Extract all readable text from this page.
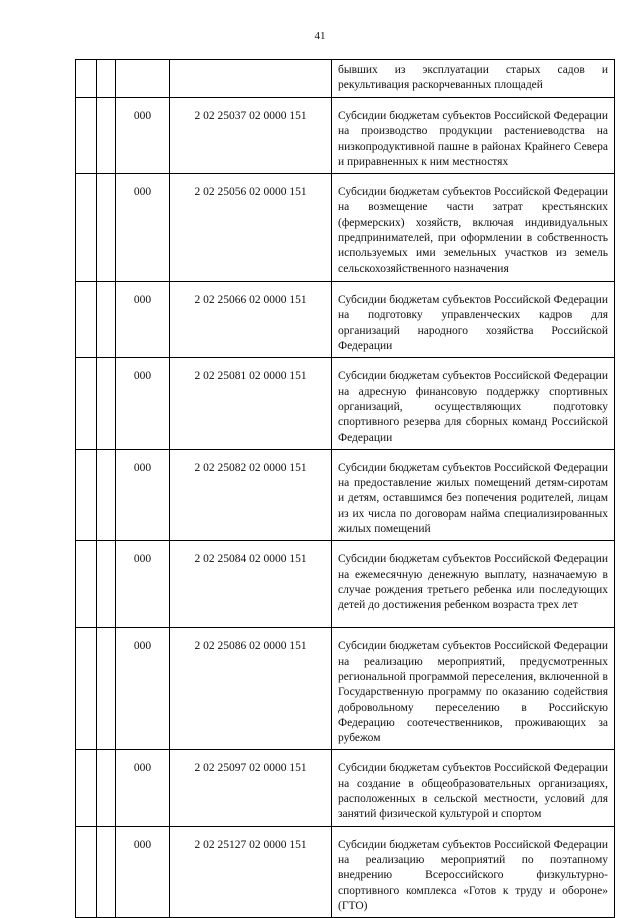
41
				бывших из эксплуатации старых садов и рекультивация раскорчеванных площадей
		000	2 02 25037 02 0000 151	Субсидии бюджетам субъектов Российской Федерации на производство продукции растениеводства на низкопродуктивной пашне в районах Крайнего Севера и приравненных к ним местностях
		000	2 02 25056 02 0000 151	Субсидии бюджетам субъектов Российской Федерации на возмещение части затрат крестьянских (фермерских) хозяйств, включая индивидуальных предпринимателей, при оформлении в собственность используемых ими земельных участков из земель сельскохозяйственного назначения
		000	2 02 25066 02 0000 151	Субсидии бюджетам субъектов Российской Федерации на подготовку управленческих кадров для организаций народного хозяйства Российской Федерации
		000	2 02 25081 02 0000 151	Субсидии бюджетам субъектов Российской Федерации на адресную финансовую поддержку спортивных организаций, осуществляющих подготовку спортивного резерва для сборных команд Российской Федерации
		000	2 02 25082 02 0000 151	Субсидии бюджетам субъектов Российской Федерации на предоставление жилых помещений детям-сиротам и детям, оставшимся без попечения родителей, лицам из их числа по договорам найма специализированных жилых помещений
		000	2 02 25084 02 0000 151	Субсидии бюджетам субъектов Российской Федерации на ежемесячную денежную выплату, назначаемую в случае рождения третьего ребенка или последующих детей до достижения ребенком возраста трех лет
		000	2 02 25086 02 0000 151	Субсидии бюджетам субъектов Российской Федерации на реализацию мероприятий, предусмотренных региональной программой переселения, включенной в Государственную программу по оказанию содействия добровольному переселению в Российскую Федерацию соотечественников, проживающих за рубежом
		000	2 02 25097 02 0000 151	Субсидии бюджетам субъектов Российской Федерации на создание в общеобразовательных организациях, расположенных в сельской местности, условий для занятий физической культурой и спортом
		000	2 02 25127 02 0000 151	Субсидии бюджетам субъектов Российской Федерации на реализацию мероприятий по поэтапному внедрению Всероссийского физкультурно-спортивного комплекса «Готов к труду и обороне» (ГТО)
